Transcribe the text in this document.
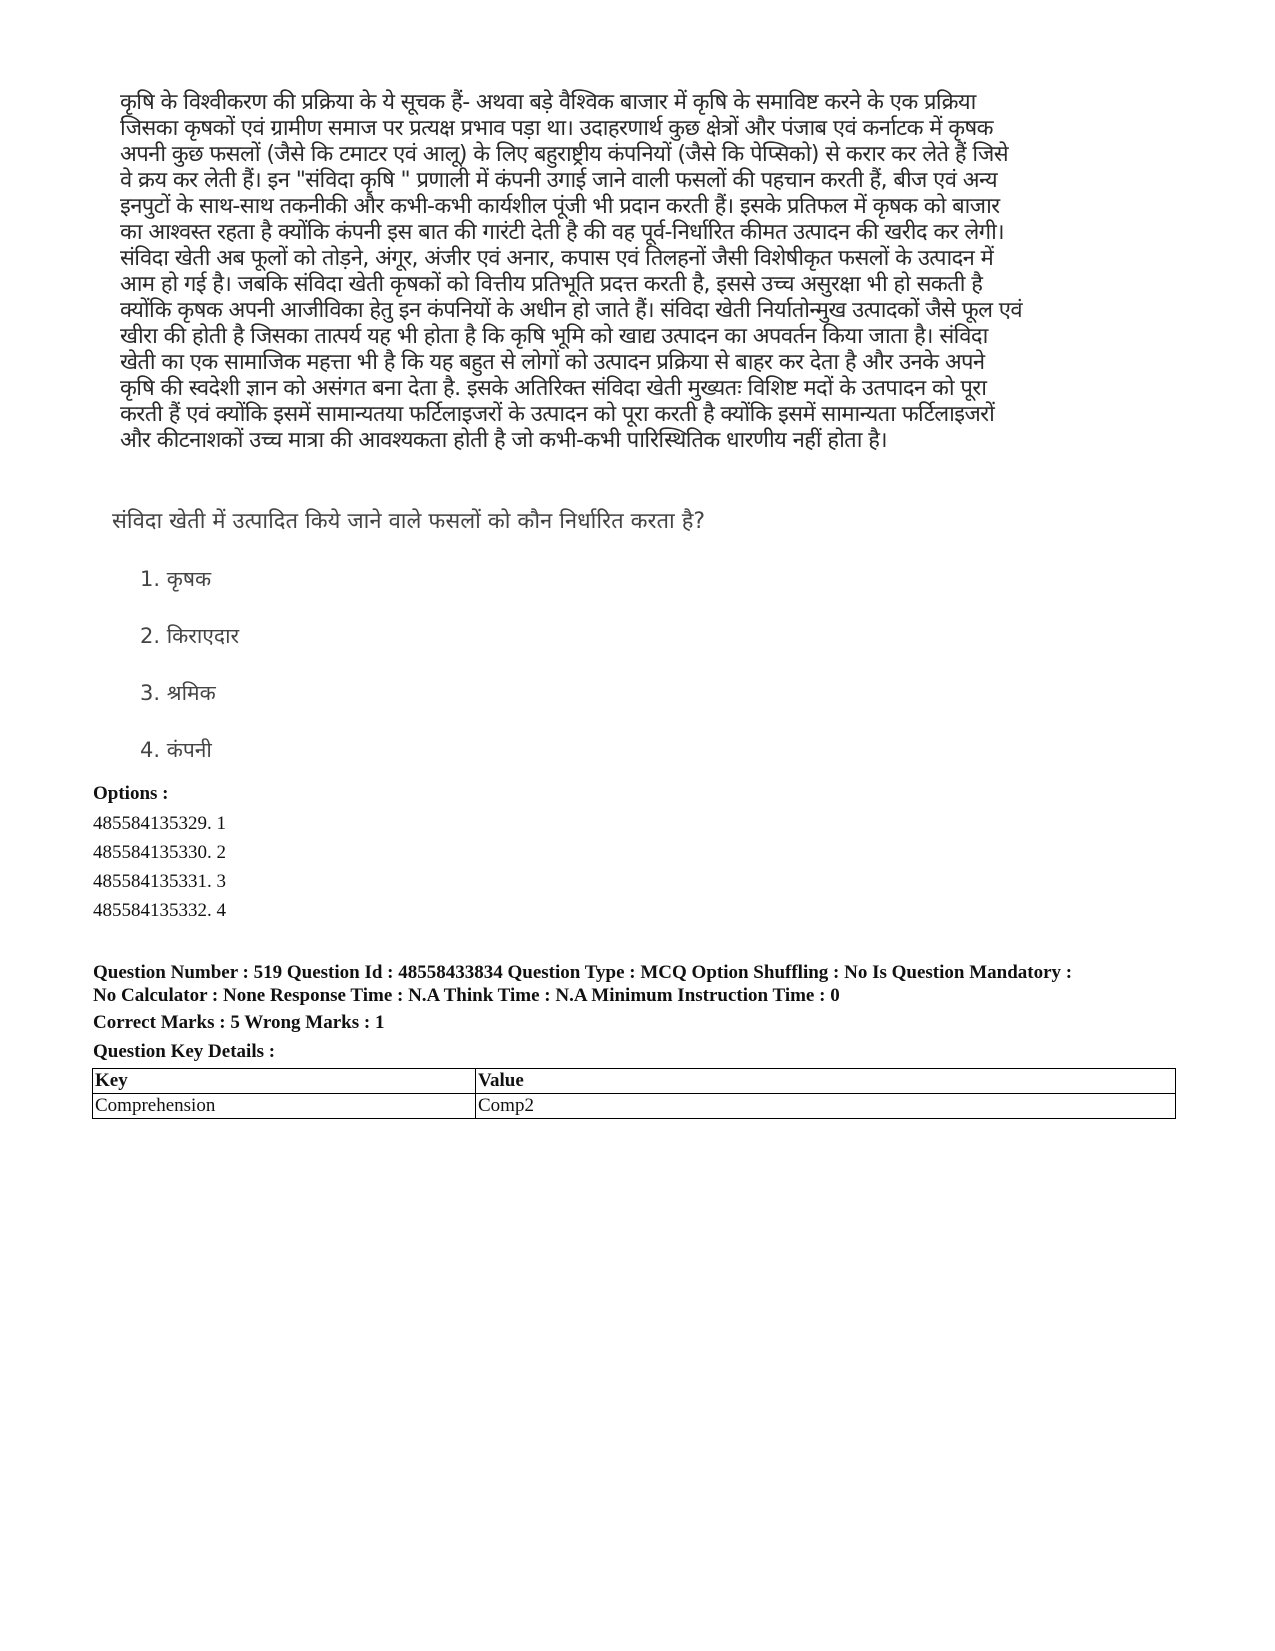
कृषि के विश्वीकरण की प्रक्रिया के ये सूचक हैं- अथवा बड़े वैश्विक बाजार में कृषि के समाविष्ट करने के एक प्रक्रिया
जिसका कृषकों एवं ग्रामीण समाज पर प्रत्यक्ष प्रभाव पड़ा था। उदाहरणार्थ कुछ क्षेत्रों और पंजाब एवं कर्नाटक में कृषक
अपनी कुछ फसलों (जैसे कि टमाटर एवं आलू) के लिए बहुराष्ट्रीय कंपनियों (जैसे कि पेप्सिको) से करार कर लेते हैं जिसे
वे क्रय कर लेती हैं। इन "संविदा कृषि " प्रणाली में कंपनी उगाई जाने वाली फसलों की पहचान करती हैं, बीज एवं अन्य
इनपुटों के साथ-साथ तकनीकी और कभी-कभी कार्यशील पूंजी भी प्रदान करती हैं। इसके प्रतिफल में कृषक को बाजार
का आश्वस्त रहता है क्योंकि कंपनी इस बात की गारंटी देती है की वह पूर्व-निर्धारित कीमत उत्पादन की खरीद कर लेगी।
संविदा खेती अब फूलों को तोड़ने, अंगूर, अंजीर एवं अनार, कपास एवं तिलहनों जैसी विशेषीकृत फसलों के उत्पादन में
आम हो गई है। जबकि संविदा खेती कृषकों को वित्तीय प्रतिभूति प्रदत्त करती है, इससे उच्च असुरक्षा भी हो सकती है
क्योंकि कृषक अपनी आजीविका हेतु इन कंपनियों के अधीन हो जाते हैं। संविदा खेती निर्यातोन्मुख उत्पादकों जैसे फूल एवं
खीरा की होती है जिसका तात्पर्य यह भी होता है कि कृषि भूमि को खाद्य उत्पादन का अपवर्तन किया जाता है। संविदा
खेती का एक सामाजिक महत्ता भी है कि यह बहुत से लोगों को उत्पादन प्रक्रिया से बाहर कर देता है और उनके अपने
कृषि की स्वदेशी ज्ञान को असंगत बना देता है. इसके अतिरिक्त संविदा खेती मुख्यतः विशिष्ट मदों के उतपादन को पूरा
करती हैं एवं क्योंकि इसमें सामान्यतया फर्टिलाइजरों के उत्पादन को पूरा करती है क्योंकि इसमें सामान्यता फर्टिलाइजरों
और कीटनाशकों उच्च मात्रा की आवश्यकता होती है जो कभी-कभी पारिस्थितिक धारणीय नहीं होता है।
संविदा खेती में उत्पादित किये जाने वाले फसलों को कौन निर्धारित करता है?
1. कृषक
2. किराएदार
3. श्रमिक
4. कंपनी
Options :
485584135329. 1
485584135330. 2
485584135331. 3
485584135332. 4
Question Number : 519 Question Id : 48558433834 Question Type : MCQ Option Shuffling : No Is Question Mandatory :
No Calculator : None Response Time : N.A Think Time : N.A Minimum Instruction Time : 0
Correct Marks : 5 Wrong Marks : 1
Question Key Details :
Key	Value
Comprehension	Comp2
